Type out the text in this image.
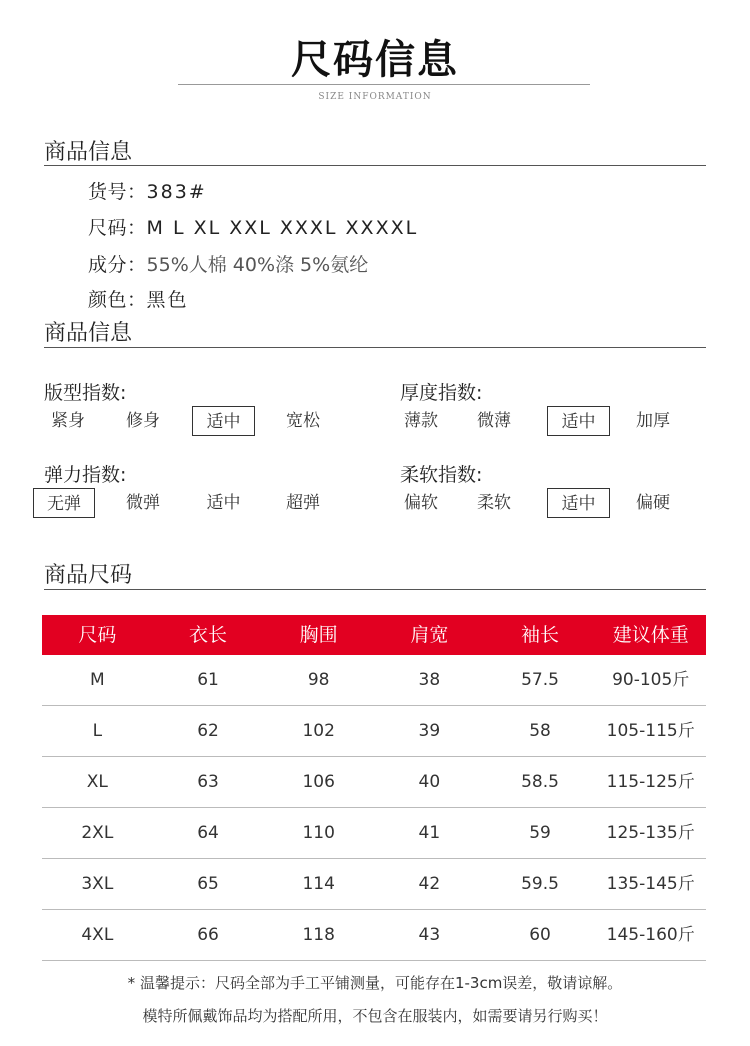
尺码信息
SIZE INFORMATION
商品信息
货号：383#
尺码：M L XL XXL XXXL XXXXL
成分：55%人棉 40%涤 5%氨纶
颜色：黑色
商品信息
版型指数:
紧身	修身	适中	宽松
厚度指数:
薄款	微薄	适中	加厚
弹力指数:
无弹	微弹	适中	超弹
柔软指数:
偏软	柔软	适中	偏硬
商品尺码
尺码	衣长	胸围	肩宽	袖长	建议体重
M	61	98	38	57.5	90-105斤
L	62	102	39	58	105-115斤
XL	63	106	40	58.5	115-125斤
2XL	64	110	41	59	125-135斤
3XL	65	114	42	59.5	135-145斤
4XL	66	118	43	60	145-160斤
* 温馨提示：尺码全部为手工平铺测量，可能存在1-3cm误差，敬请谅解。
模特所佩戴饰品均为搭配所用，不包含在服装内，如需要请另行购买！
